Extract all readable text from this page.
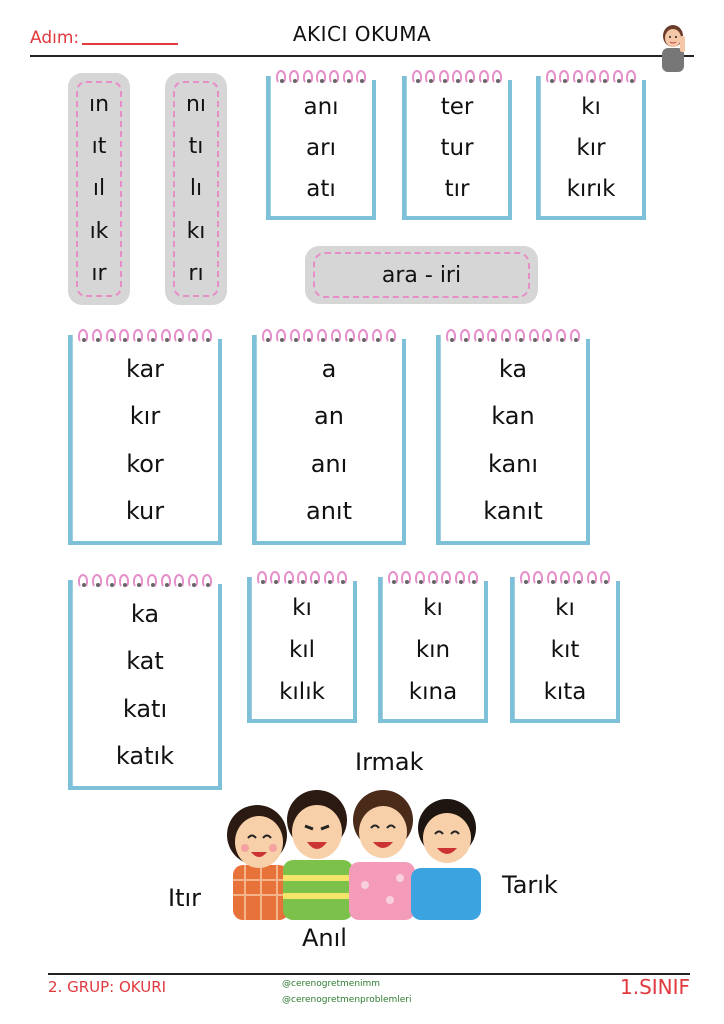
Adım:	AKICI OKUMA
ın
ıt
ıl
ık
ır
nı
tı
lı
kı
rı
anı
arı
atı
ter
tur
tır
kı
kır
kırık
ara - iri
kar
kır
kor
kur
a
an
anı
anıt
ka
kan
kanı
kanıt
ka
kat
katı
katık
kı
kıl
kılık
kı
kın
kına
kı
kıt
kıta
Irmak
Itır
Anıl
Tarık
2. GRUP: OKURI	@cerenogretmenimm
@cerenogretmenproblemleri
1.SINIF
